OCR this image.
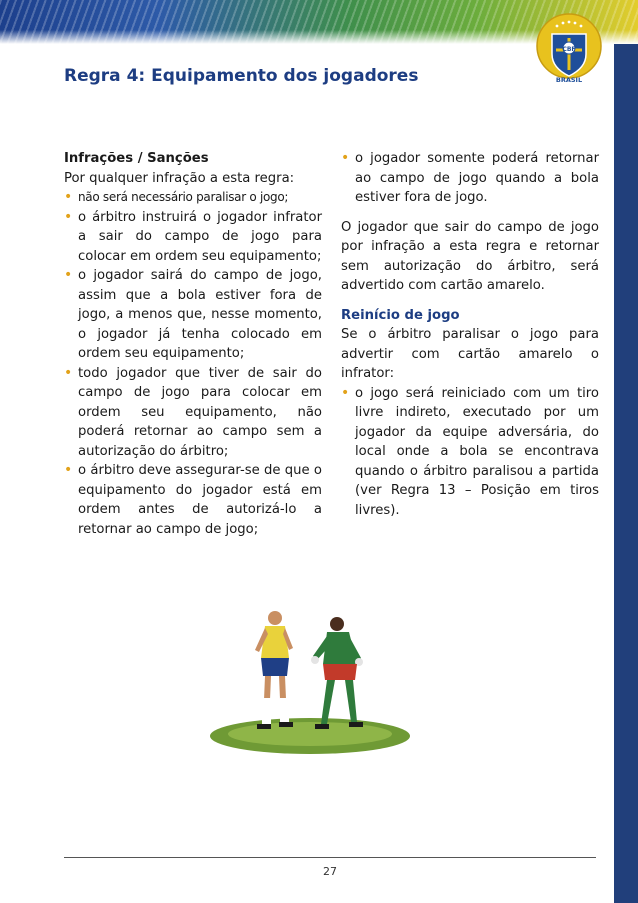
CBF
BRASIL
Regra 4: Equipamento dos jogadores
Infrações / Sanções
Por qualquer infração a esta regra:
• não será necessário paralisar o jogo;
• o árbitro instruirá o jogador infrator a sair do campo de jogo para colocar em ordem seu equipamento;
• o jogador sairá do campo de jogo, assim que a bola estiver fora de jogo, a menos que, nesse momento, o jogador já tenha colocado em ordem seu equipamento;
• todo jogador que tiver de sair do campo de jogo para colocar em ordem seu equipamento, não poderá retornar ao campo sem a autorização do árbitro;
• o árbitro deve assegurar-se de que o equipamento do jogador está em ordem antes de autorizá-lo a retornar ao campo de jogo;
• o jogador somente poderá retornar ao campo de jogo quando a bola estiver fora de jogo.
O jogador que sair do campo de jogo por infração a esta regra e retornar sem autorização do árbitro, será advertido com cartão amarelo.
Reinício de jogo
Se o árbitro paralisar o jogo para advertir com cartão amarelo o infrator:
• o jogo será reiniciado com um tiro livre indireto, executado por um jogador da equipe adversária, do local onde a bola se encontrava quando o árbitro paralisou a partida (ver Regra 13 – Posição em tiros livres).
27
